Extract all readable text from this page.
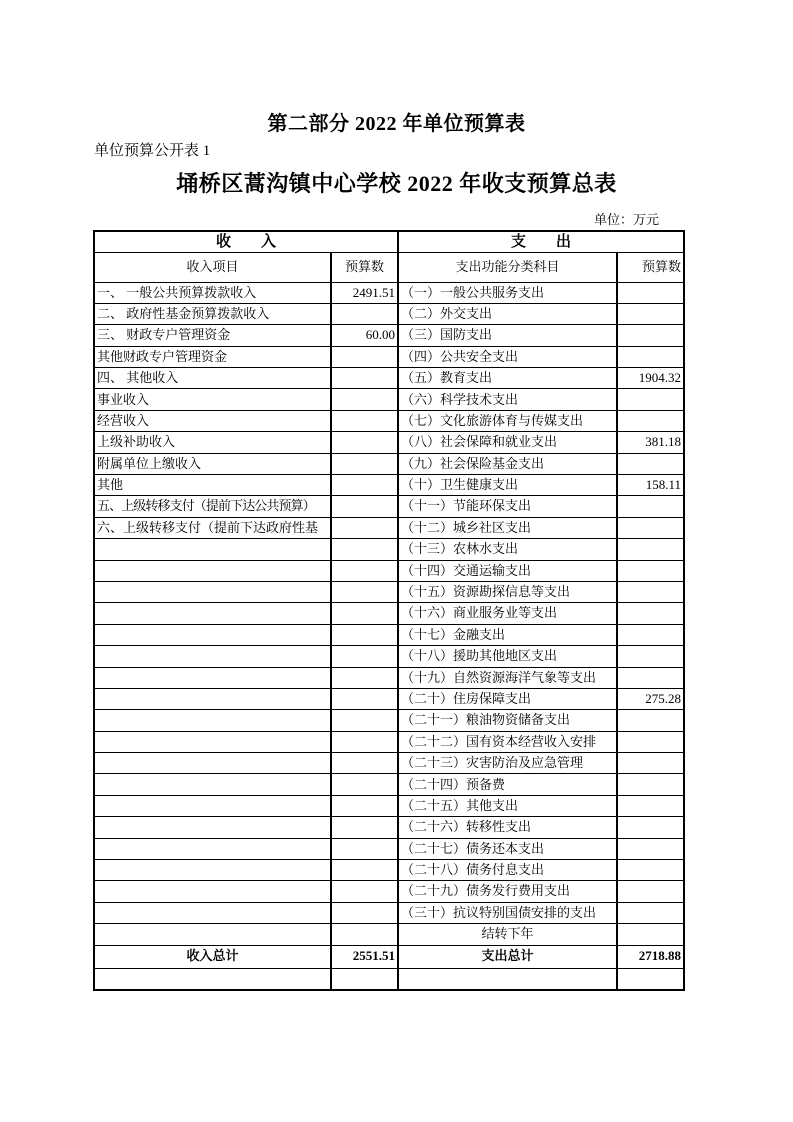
第二部分 2022 年单位预算表
单位预算公开表 1
埇桥区蒿沟镇中心学校 2022 年收支预算总表
单位：万元
收　　入		支　　出	
收入项目	预算数	支出功能分类科目	预算数
一、 一般公共预算拨款收入	2491.51	（一）一般公共服务支出	
二、 政府性基金预算拨款收入		（二）外交支出	
三、 财政专户管理资金	60.00	（三）国防支出	
其他财政专户管理资金		（四）公共安全支出	
四、 其他收入		（五）教育支出	1904.32
事业收入		（六）科学技术支出	
经营收入		（七）文化旅游体育与传媒支出	
上级补助收入		（八）社会保障和就业支出	381.18
附属单位上缴收入		（九）社会保险基金支出	
其他		（十）卫生健康支出	158.11
五、上级转移支付（提前下达公共预算）		（十一）节能环保支出	
六、上级转移支付（提前下达政府性基		（十二）城乡社区支出	
		（十三）农林水支出	
		（十四）交通运输支出	
		（十五）资源勘探信息等支出	
		（十六）商业服务业等支出	
		（十七）金融支出	
		（十八）援助其他地区支出	
		（十九）自然资源海洋气象等支出	
		（二十）住房保障支出	275.28
		（二十一）粮油物资储备支出	
		（二十二）国有资本经营收入安排	
		（二十三）灾害防治及应急管理	
		（二十四）预备费	
		（二十五）其他支出	
		（二十六）转移性支出	
		（二十七）债务还本支出	
		（二十八）债务付息支出	
		（二十九）债务发行费用支出	
		（三十）抗议特别国债安排的支出	
		结转下年	
收入总计	2551.51	支出总计	2718.88
